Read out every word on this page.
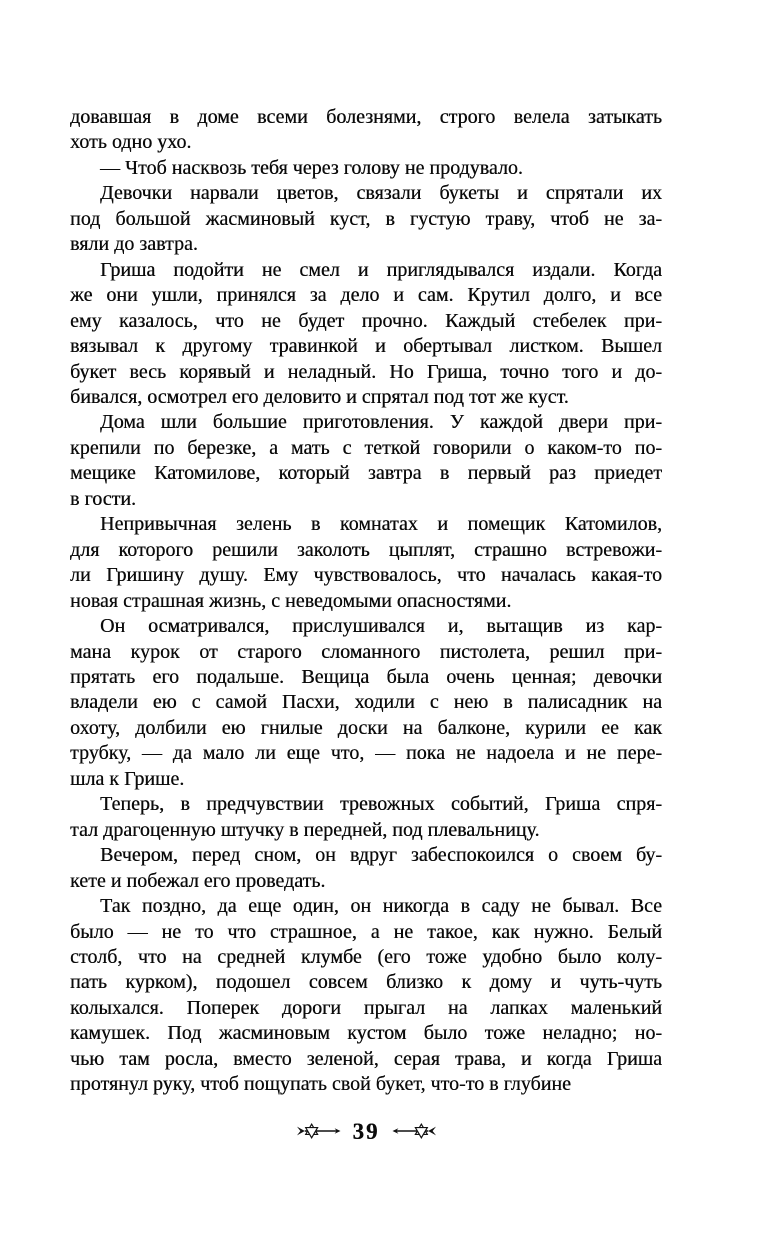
довавшая в доме всеми болезнями, строго велела затыкать
хоть одно ухо.
— Чтоб насквозь тебя через голову не продувало.
Девочки нарвали цветов, связали букеты и спрятали их
под большой жасминовый куст, в густую траву, чтоб не за-
вяли до завтра.
Гриша подойти не смел и приглядывался издали. Когда
же они ушли, принялся за дело и сам. Крутил долго, и все
ему казалось, что не будет прочно. Каждый стебелек при-
вязывал к другому травинкой и обертывал листком. Вышел
букет весь корявый и неладный. Но Гриша, точно того и до-
бивался, осмотрел его деловито и спрятал под тот же куст.
Дома шли большие приготовления. У каждой двери при-
крепили по березке, а мать с теткой говорили о каком-то по-
мещике Катомилове, который завтра в первый раз приедет
в гости.
Непривычная зелень в комнатах и помещик Катомилов,
для которого решили заколоть цыплят, страшно встревожи-
ли Гришину душу. Ему чувствовалось, что началась какая-то
новая страшная жизнь, с неведомыми опасностями.
Он осматривался, прислушивался и, вытащив из кар-
мана курок от старого сломанного пистолета, решил при-
прятать его подальше. Вещица была очень ценная; девочки
владели ею с самой Пасхи, ходили с нею в палисадник на
охоту, долбили ею гнилые доски на балконе, курили ее как
трубку, — да мало ли еще что, — пока не надоела и не пере-
шла к Грише.
Теперь, в предчувствии тревожных событий, Гриша спря-
тал драгоценную штучку в передней, под плевальницу.
Вечером, перед сном, он вдруг забеспокоился о своем бу-
кете и побежал его проведать.
Так поздно, да еще один, он никогда в саду не бывал. Все
было — не то что страшное, а не такое, как нужно. Белый
столб, что на средней клумбе (его тоже удобно было колу-
пать курком), подошел совсем близко к дому и чуть-чуть
колыхался. Поперек дороги прыгал на лапках маленький
камушек. Под жасминовым кустом было тоже неладно; но-
чью там росла, вместо зеленой, серая трава, и когда Гриша
протянул руку, чтоб пощупать свой букет, что-то в глубине
39
